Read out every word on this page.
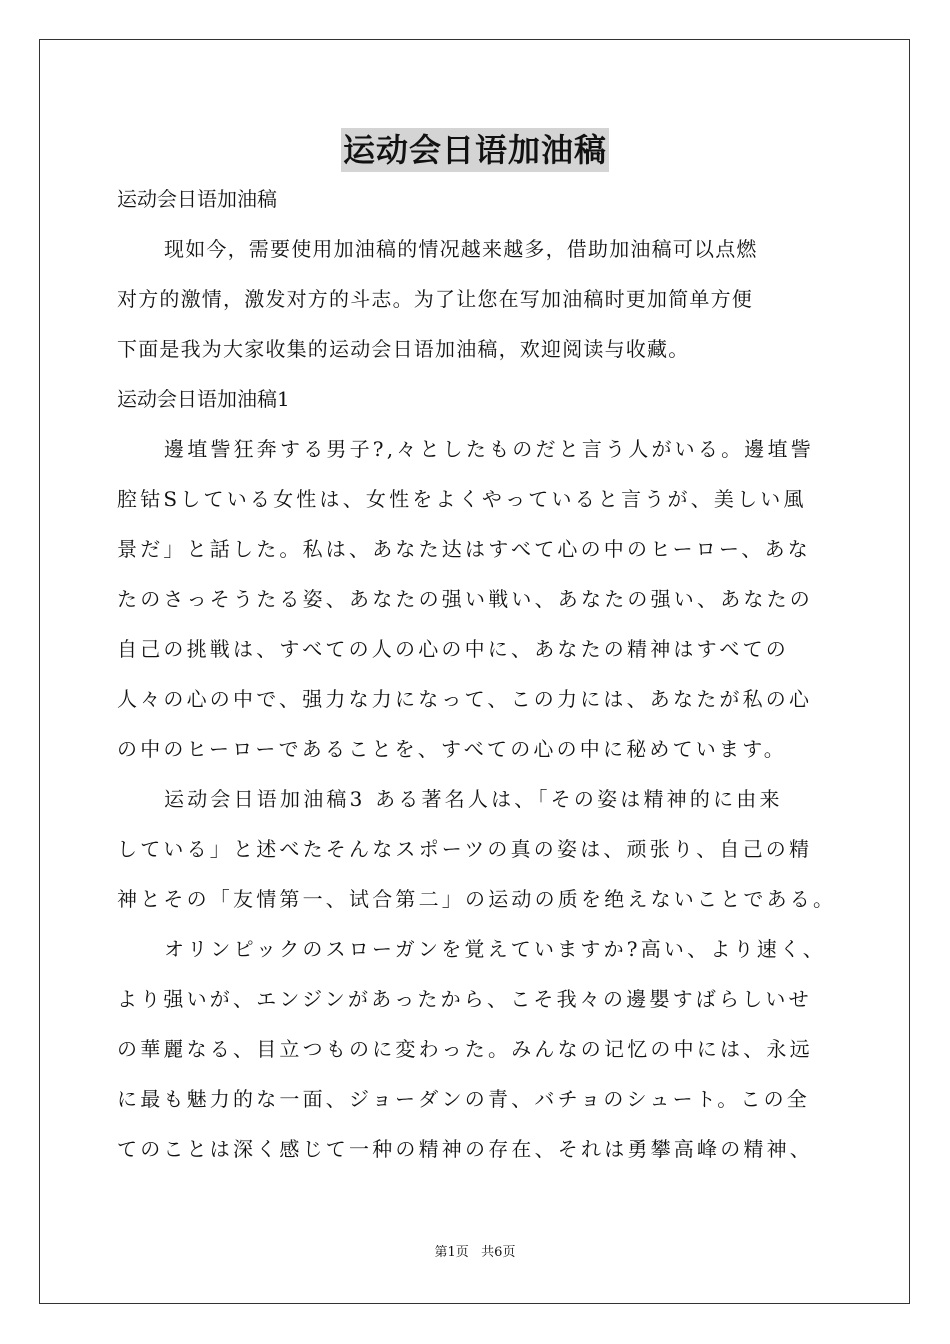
运动会日语加油稿
运动会日语加油稿
现如今，需要使用加油稿的情况越来越多，借助加油稿可以点燃
对方的激情，激发对方的斗志。为了让您在写加油稿时更加简单方便
下面是我为大家收集的运动会日语加油稿，欢迎阅读与收藏。
运动会日语加油稿1
邊埴訾狂奔する男子?,々としたものだと言う人がいる。邊埴訾
腔钴Sしている女性は、女性をよくやっていると言うが、美しい風
景だ」と話した。私は、あなた达はすべて心の中のヒーロー、あな
たのさっそうたる姿、あなたの强い戦い、あなたの强い、あなたの
自己の挑戦は、すべての人の心の中に、あなたの精神はすべての
人々の心の中で、强力な力になって、この力には、あなたが私の心
の中のヒーローであることを、すべての心の中に秘めています。
运动会日语加油稿3 ある著名人は、「その姿は精神的に由来
している」と述べたそんなスポーツの真の姿は、顽张り、自己の精
神とその「友情第一、试合第二」の运动の质を绝えないことである。
オリンピックのスローガンを覚えていますか?高い、より速く、
より强いが、エンジンがあったから、こそ我々の邊嬰すばらしいせ
の華麗なる、目立つものに変わった。みんなの记忆の中には、永远
に最も魅力的な一面、ジョーダンの青、バチョのシュート。この全
てのことは深く感じて一种の精神の存在、それは勇攀高峰の精神、
第1页   共6页
